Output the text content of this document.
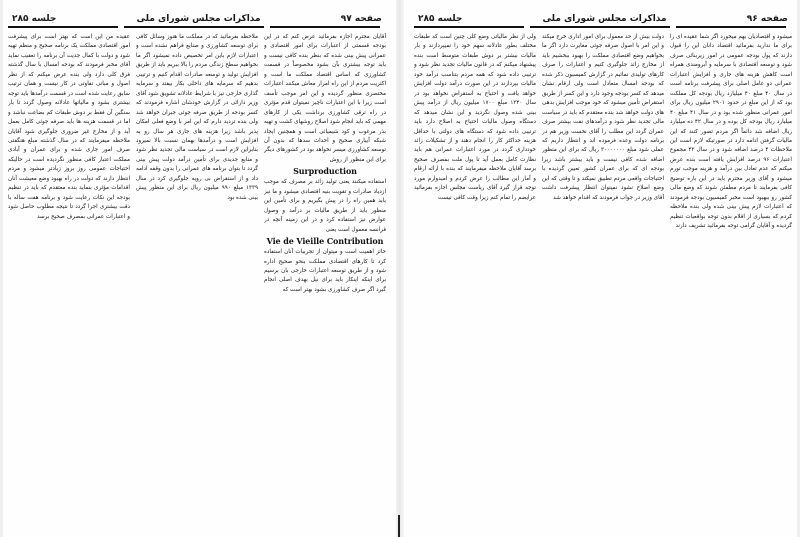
جلسه ۲۸۵	مذاکرات مجلس شورای ملی	صفحه ۹۷

آقایان محترم اجازه بفرمائید عرض کنم که در این بودجه قسمتی از اعتبارات برای امور اقتصادی و عمرانی پیش بینی شده که بنظر بنده کافی نیست و باید توجه بیشتری بآن بشود مخصوصاً در قسمت کشاورزی که اساس اقتصاد مملکت ما است و اکثریت مردم از این راه امرار معاش میکنند اعتبارات مختصری منظور گردیده و این امر موجب تأسف است زیرا با این اعتبارات ناچیز نمیتوان قدم مؤثری در راه ترقی کشاورزی برداشت یکی از کارهای مهمی که باید انجام شود اصلاح روشهای کشت و تهیه بذر مرغوب و کود شیمیائی است و همچنین ایجاد شبکه آبیاری صحیح و احداث سدها که بدون آن توسعه کشاورزی میسر نخواهد بود در کشورهای دیگر برای این منظور از روش

Surproduction

استفاده میکنند یعنی تولید زائد بر مصرف که موجب ازدیاد صادرات و تقویت بنیه اقتصادی میشود و ما نیز باید همین راه را در پیش بگیریم و برای تأمین این منظور باید از طریق مالیات بر درآمد و وصول عوارض نیز استفاده کرد و در این زمینه آنچه در فرانسه معمول است یعنی

Vie de Vieille Contribution

حائز اهمیت است و میتوان از تجربیات آنان استفاده کرد تا کارهای اقتصادی مملکت بنحو صحیح اداره شود و از طریق توسعه اعتبارات خارجی بان برسیم برای اینکه اینکار باید برای نیل بهدف اصلی انجام گیرد اگر صرف کشاورزی بشود بهتر است که

ملاحظه بفرمائید که در مملکت ما هنوز وسائل کافی برای توسعه کشاورزی و صنایع فراهم نشده است و اعتبارات لازم باین امر تخصیص داده نمیشود اگر ما بخواهیم سطح زندگی مردم را بالا ببریم باید از طریق افزایش تولید و توسعه صادرات اقدام کنیم و ترتیبی بدهیم که سرمایه های داخلی بکار بیفتد و سرمایه گذاری خارجی نیز با شرایط عادلانه تشویق شود آقای وزیر دارائی در گزارش خودشان اشاره فرمودند که کسر بودجه از طریق صرفه جوئی جبران خواهد شد ولی بنده تردید دارم که این امر با وضع فعلی امکان پذیر باشد زیرا هزینه های جاری هر سال رو به افزایش است و درآمدها بهمان نسبت بالا نمیرود بنابراین لازم است در سیاست مالی تجدید نظر شود و منابع جدیدی برای تأمین درآمد دولت پیش بینی گردد تا بتوان برنامه های عمرانی را بدون وقفه ادامه داد و از استقراض بی رویه جلوگیری کرد در سال ۱۳۳۹ مبلغ ۹۹۰ میلیون ریال برای این منظور پیش بینی شده بود

عقیده من این است که بهتر است برای پیشرفت امور اقتصادی مملکت یک برنامه صحیح و منظم تهیه شود و دولت با کمال جدیت آن برنامه را تعقیب نماید آقای مخبر فرمودند که بودجه امسال با سال گذشته فرق کلی دارد ولی بنده عرض میکنم که از نظر اصول و مبانی تفاوتی در کار نیست و همان ترتیب سابق رعایت شده است در قسمت درآمدها باید توجه بیشتری بشود و مالیاتها عادلانه وصول گردد تا بار سنگین آن فقط بر دوش طبقات کم بضاعت نباشد و اما در قسمت هزینه ها باید صرفه جوئی کامل بعمل آید و از مخارج غیر ضروری جلوگیری شود آقایان ملاحظه میفرمایند که در سال گذشته مبلغ هنگفتی صرف امور جاری شده و برای عمران و آبادی مملکت اعتبار کافی منظور نگردیده است در حالیکه احتیاجات عمومی روز بروز زیادتر میشود و مردم انتظار دارند که دولت در راه بهبود وضع معیشت آنان اقدامات مؤثری بنماید بنده معتقدم که باید در تنظیم بودجه این نکات رعایت شود و برنامه هفت ساله با دقت بیشتری اجرا گردد تا نتیجه مطلوب حاصل شود و اعتبارات عمرانی بمصرف صحیح برسد

جلسه ۲۸۵	مذاکرات مجلس شورای ملی	صفحه ۹۶

میشود و اقتصادیان بهم میخورد اگر شما عقیده ای را برای ما ندارید بفرمائید اقتصاد دانان این را قبول دارند که پول بودجه عمومی در امور زیربنائی صرف شود و توسعه اقتصادی با سرمایه و آبرومندی همراه است کاهش هزینه های جاری و افزایش اعتبارات عمرانی دو عامل اصلی برای پیشرفت برنامه است در سال ۴۰ مبلغ ۴۰ میلیارد ریال بودجه کل مملکت بود که از این مبلغ در حدود ۲۹۰۱ میلیون ریال برای امور عمرانی منظور شده بود و در سال ۴۱ مبلغ ۴۰ میلیارد ریال بودجه کل بوده و در سال ۴۲ ده میلیارد ریال اضافه شد دائماً اگر مردم تصور کنند که این مالیات گرفتن ادامه دارد در صورتیکه لازم است این ملاحظات ۴ درصد اضافه شود و در سال ۴۳ مجموع اعتبارات ۹۶ درصد افزایش یافته است بنده عرض میکنم که عدم تعادل بین درآمد و هزینه موجب تورم میشود و آقای وزیر محترم باید در این باره توضیح کافی بفرمایند تا مردم مطمئن شوند که وضع مالی کشور رو ببهبود است مخبر کمیسیون بودجه فرمودند که اعتبارات لازم پیش بینی شده ولی بنده ملاحظه کردم که بسیاری از اقلام بدون توجه بواقعیات تنظیم گردیده و آقایان گرامی توجه بفرمائید تشریف دارند

دولت بیش از حد معمول برای امور اداری خرج میکند و این امر با اصول صرفه جوئی مغایرت دارد اگر ما بخواهیم وضع اقتصادی مملکت را بهبود ببخشیم باید از مخارج زائد جلوگیری کنیم و اعتبارات را صرف کارهای تولیدی نمائیم در گزارش کمیسیون ذکر شده که بودجه امسال متعادل است ولی ارقام نشان میدهد که کسر بودجه وجود دارد و این کسر از طریق استقراض تأمین میشود که خود موجب افزایش بدهی های دولت خواهد شد بنده معتقدم که باید در سیاست مالی تجدید نظر شود و درآمدهای نفت بیشتر صرف عمران گردد این مطلب را آقای نخست وزیر هم در برنامه دولت وعده فرموده اند و انتظار داریم که عملی شود مبلغ ۳۰۰۰۰۰۰۰ ریال که برای این منظور اضافه شده کافی نیست و باید بیشتر باشد زیرا بودجه ای که برای عمران کشور تعیین گردیده با احتیاجات واقعی مردم تطبیق نمیکند و تا وقتی که این وضع اصلاح نشود نمیتوان انتظار پیشرفت داشت آقای وزیر در جواب فرمودند که اقدام خواهد شد

ولی از نظر مالیاتی وضع کلی چنین است که طبقات مختلف بطور عادلانه سهم خود را نمیپردازند و بار مالیات بیشتر بر دوش طبقات متوسط است بنده پیشنهاد میکنم که در قانون مالیات تجدید نظر شود و ترتیبی داده شود که همه مردم بتناسب درآمد خود مالیات بپردازند در این صورت درآمد دولت افزایش خواهد یافت و احتیاج به استقراض نخواهد بود در سال ۱۳۴۰ مبلغ ۱۷۰۰ میلیون ریال از درآمد پیش بینی شده وصول نگردید و این نشان میدهد که دستگاه وصول مالیات احتیاج به اصلاح دارد باید ترتیبی داده شود که دستگاه های دولتی با حداقل هزینه حداکثر کار را انجام دهند و از تشکیلات زائد خودداری گردد در مورد اعتبارات عمرانی هم باید نظارت کامل بعمل آید تا پول ملت بمصرف صحیح برسد آقایان ملاحظه میفرمایند که بنده با ارائه ارقام و آمار این مطالب را عرض کردم و امیدوارم مورد توجه قرار گیرد آقای ریاست مجلس اجازه بفرمائید عرایضم را تمام کنم زیرا وقت کافی نیست
